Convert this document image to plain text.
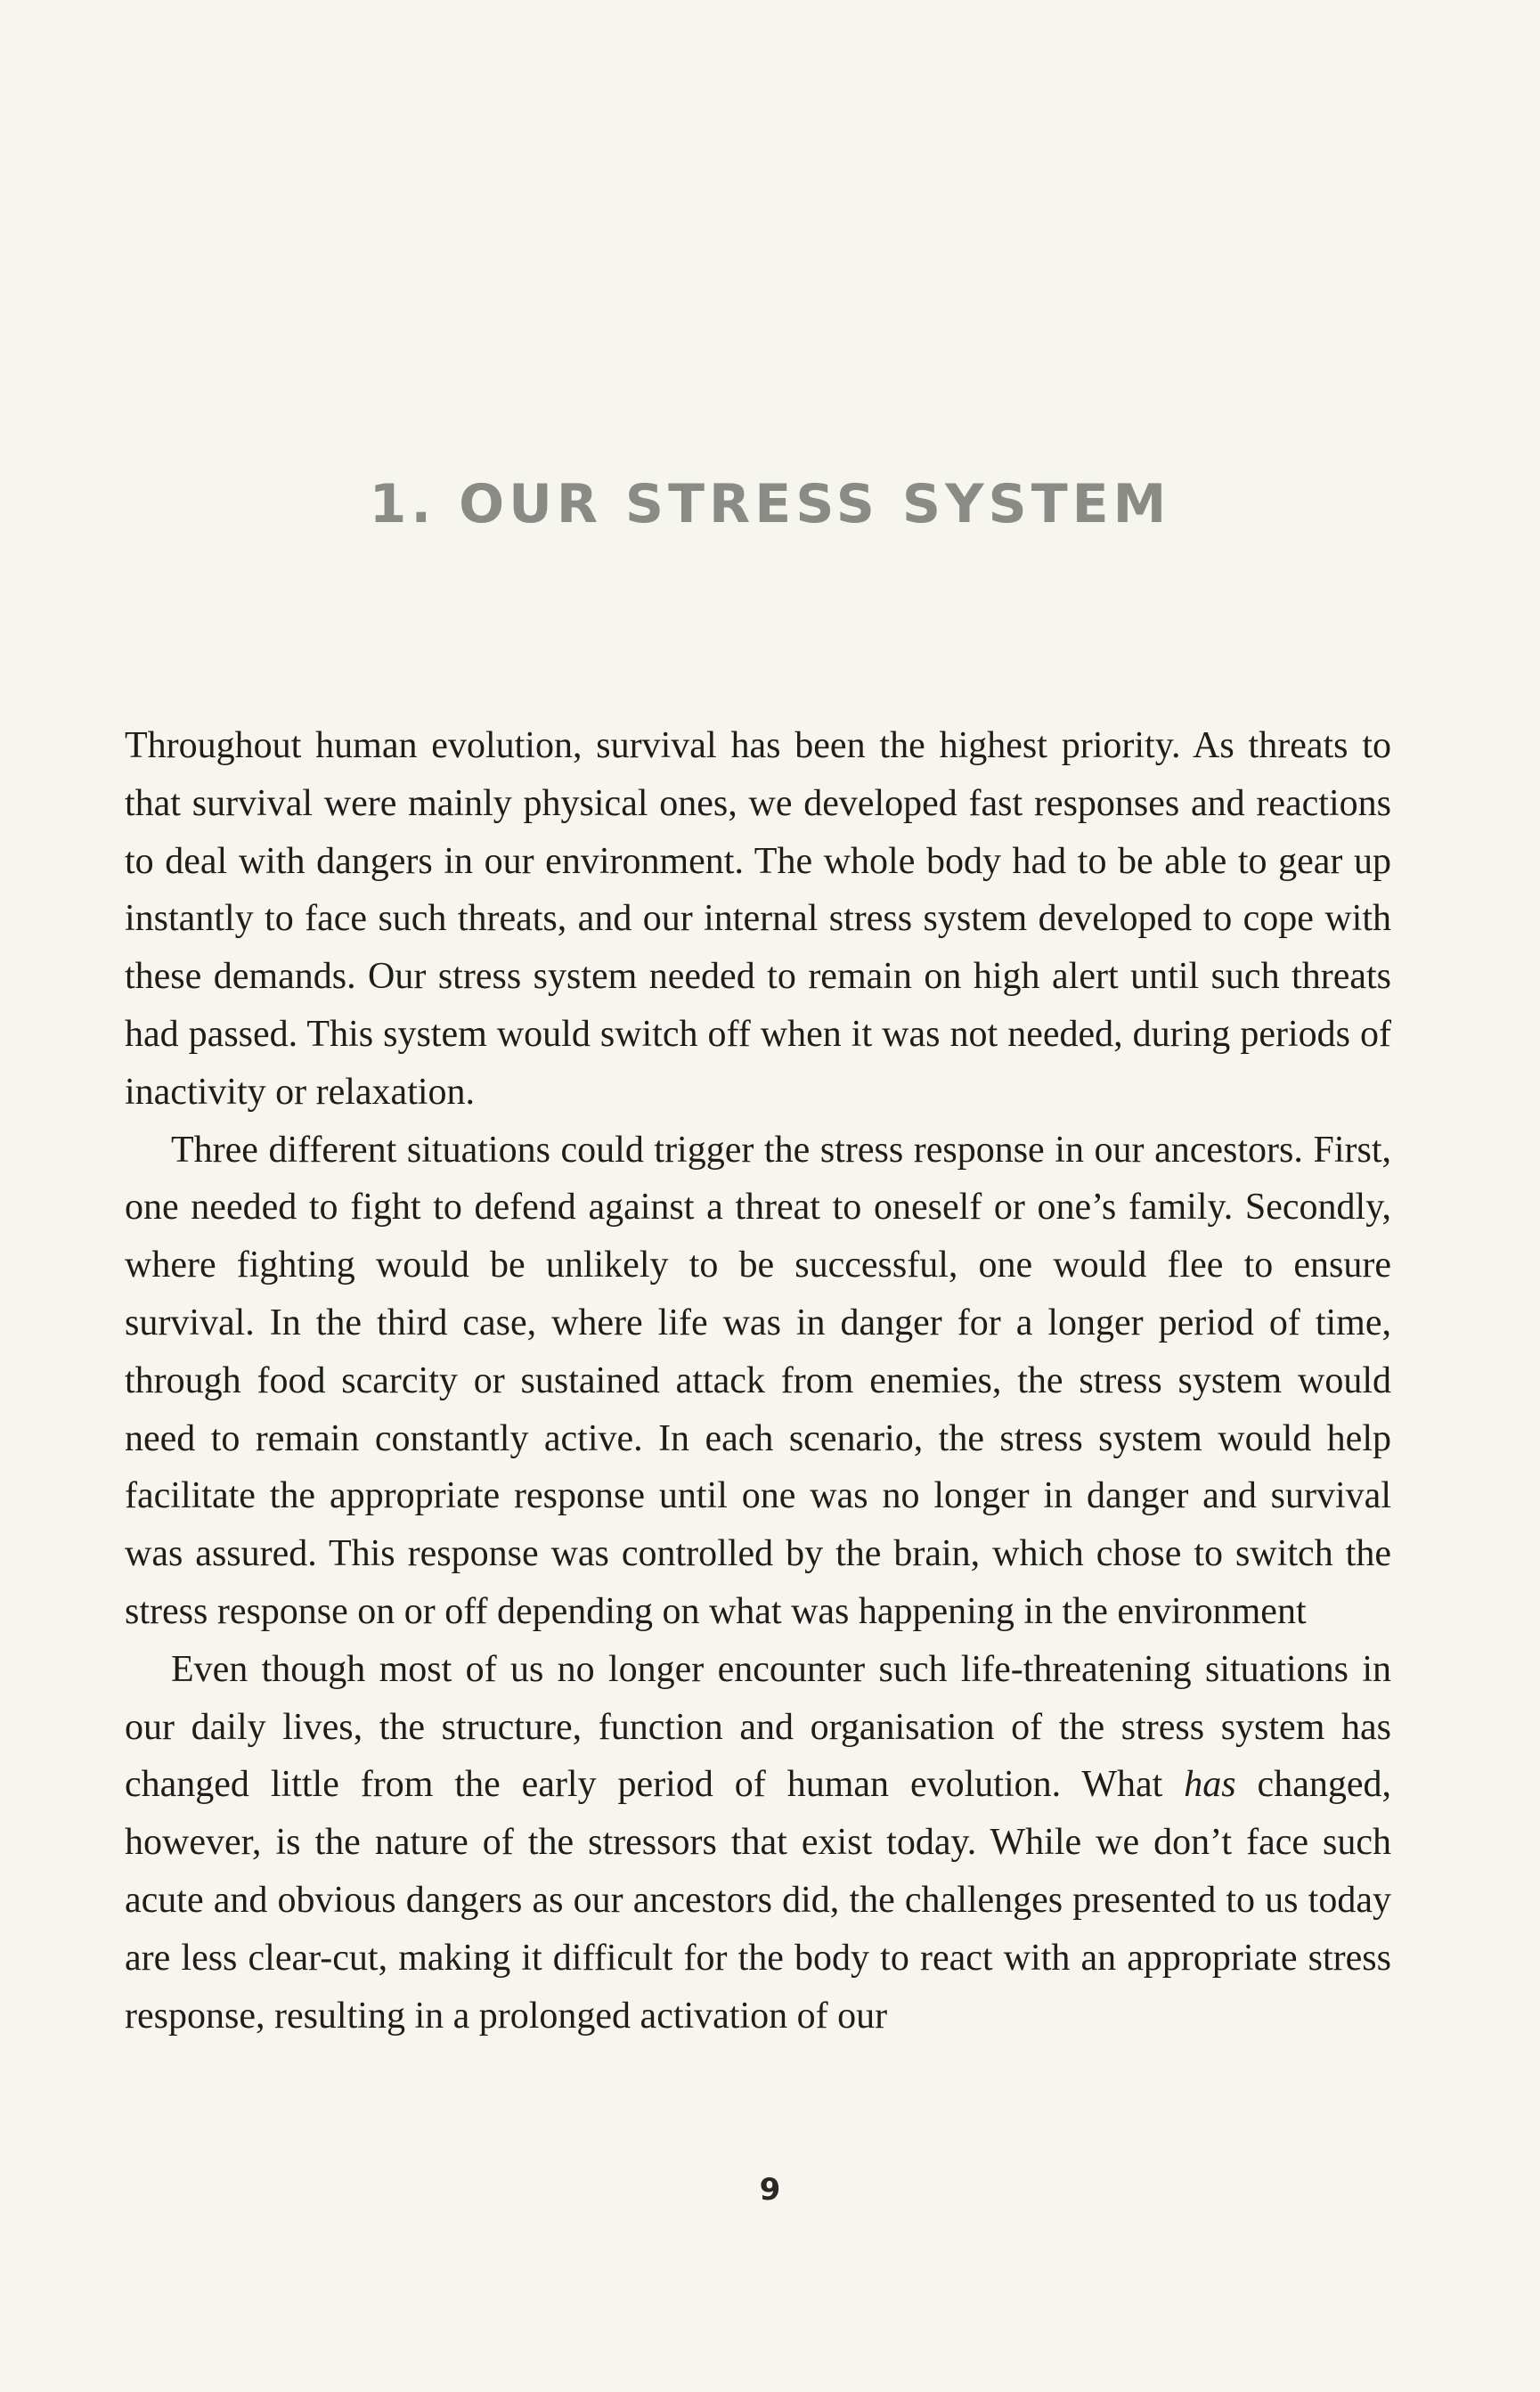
1. OUR STRESS SYSTEM

Throughout human evolution, survival has been the highest priority. As threats to that survival were mainly physical ones, we developed fast responses and reactions to deal with dangers in our environment. The whole body had to be able to gear up instantly to face such threats, and our internal stress system developed to cope with these demands. Our stress system needed to remain on high alert until such threats had passed. This system would switch off when it was not needed, during periods of inactivity or relaxation.

Three different situations could trigger the stress response in our ancestors. First, one needed to fight to defend against a threat to oneself or one’s family. Secondly, where fighting would be unlikely to be successful, one would flee to ensure survival. In the third case, where life was in danger for a longer period of time, through food scarcity or sustained attack from enemies, the stress system would need to remain constantly active. In each scenario, the stress system would help facilitate the appropriate response until one was no longer in danger and survival was assured. This response was controlled by the brain, which chose to switch the stress response on or off depending on what was happening in the environment

Even though most of us no longer encounter such life-threatening situations in our daily lives, the structure, function and organisation of the stress system has changed little from the early period of human evolution. What has changed, however, is the nature of the stressors that exist today. While we don’t face such acute and obvious dangers as our ancestors did, the challenges presented to us today are less clear-cut, making it difficult for the body to react with an appropriate stress response, resulting in a prolonged activation of our

9
